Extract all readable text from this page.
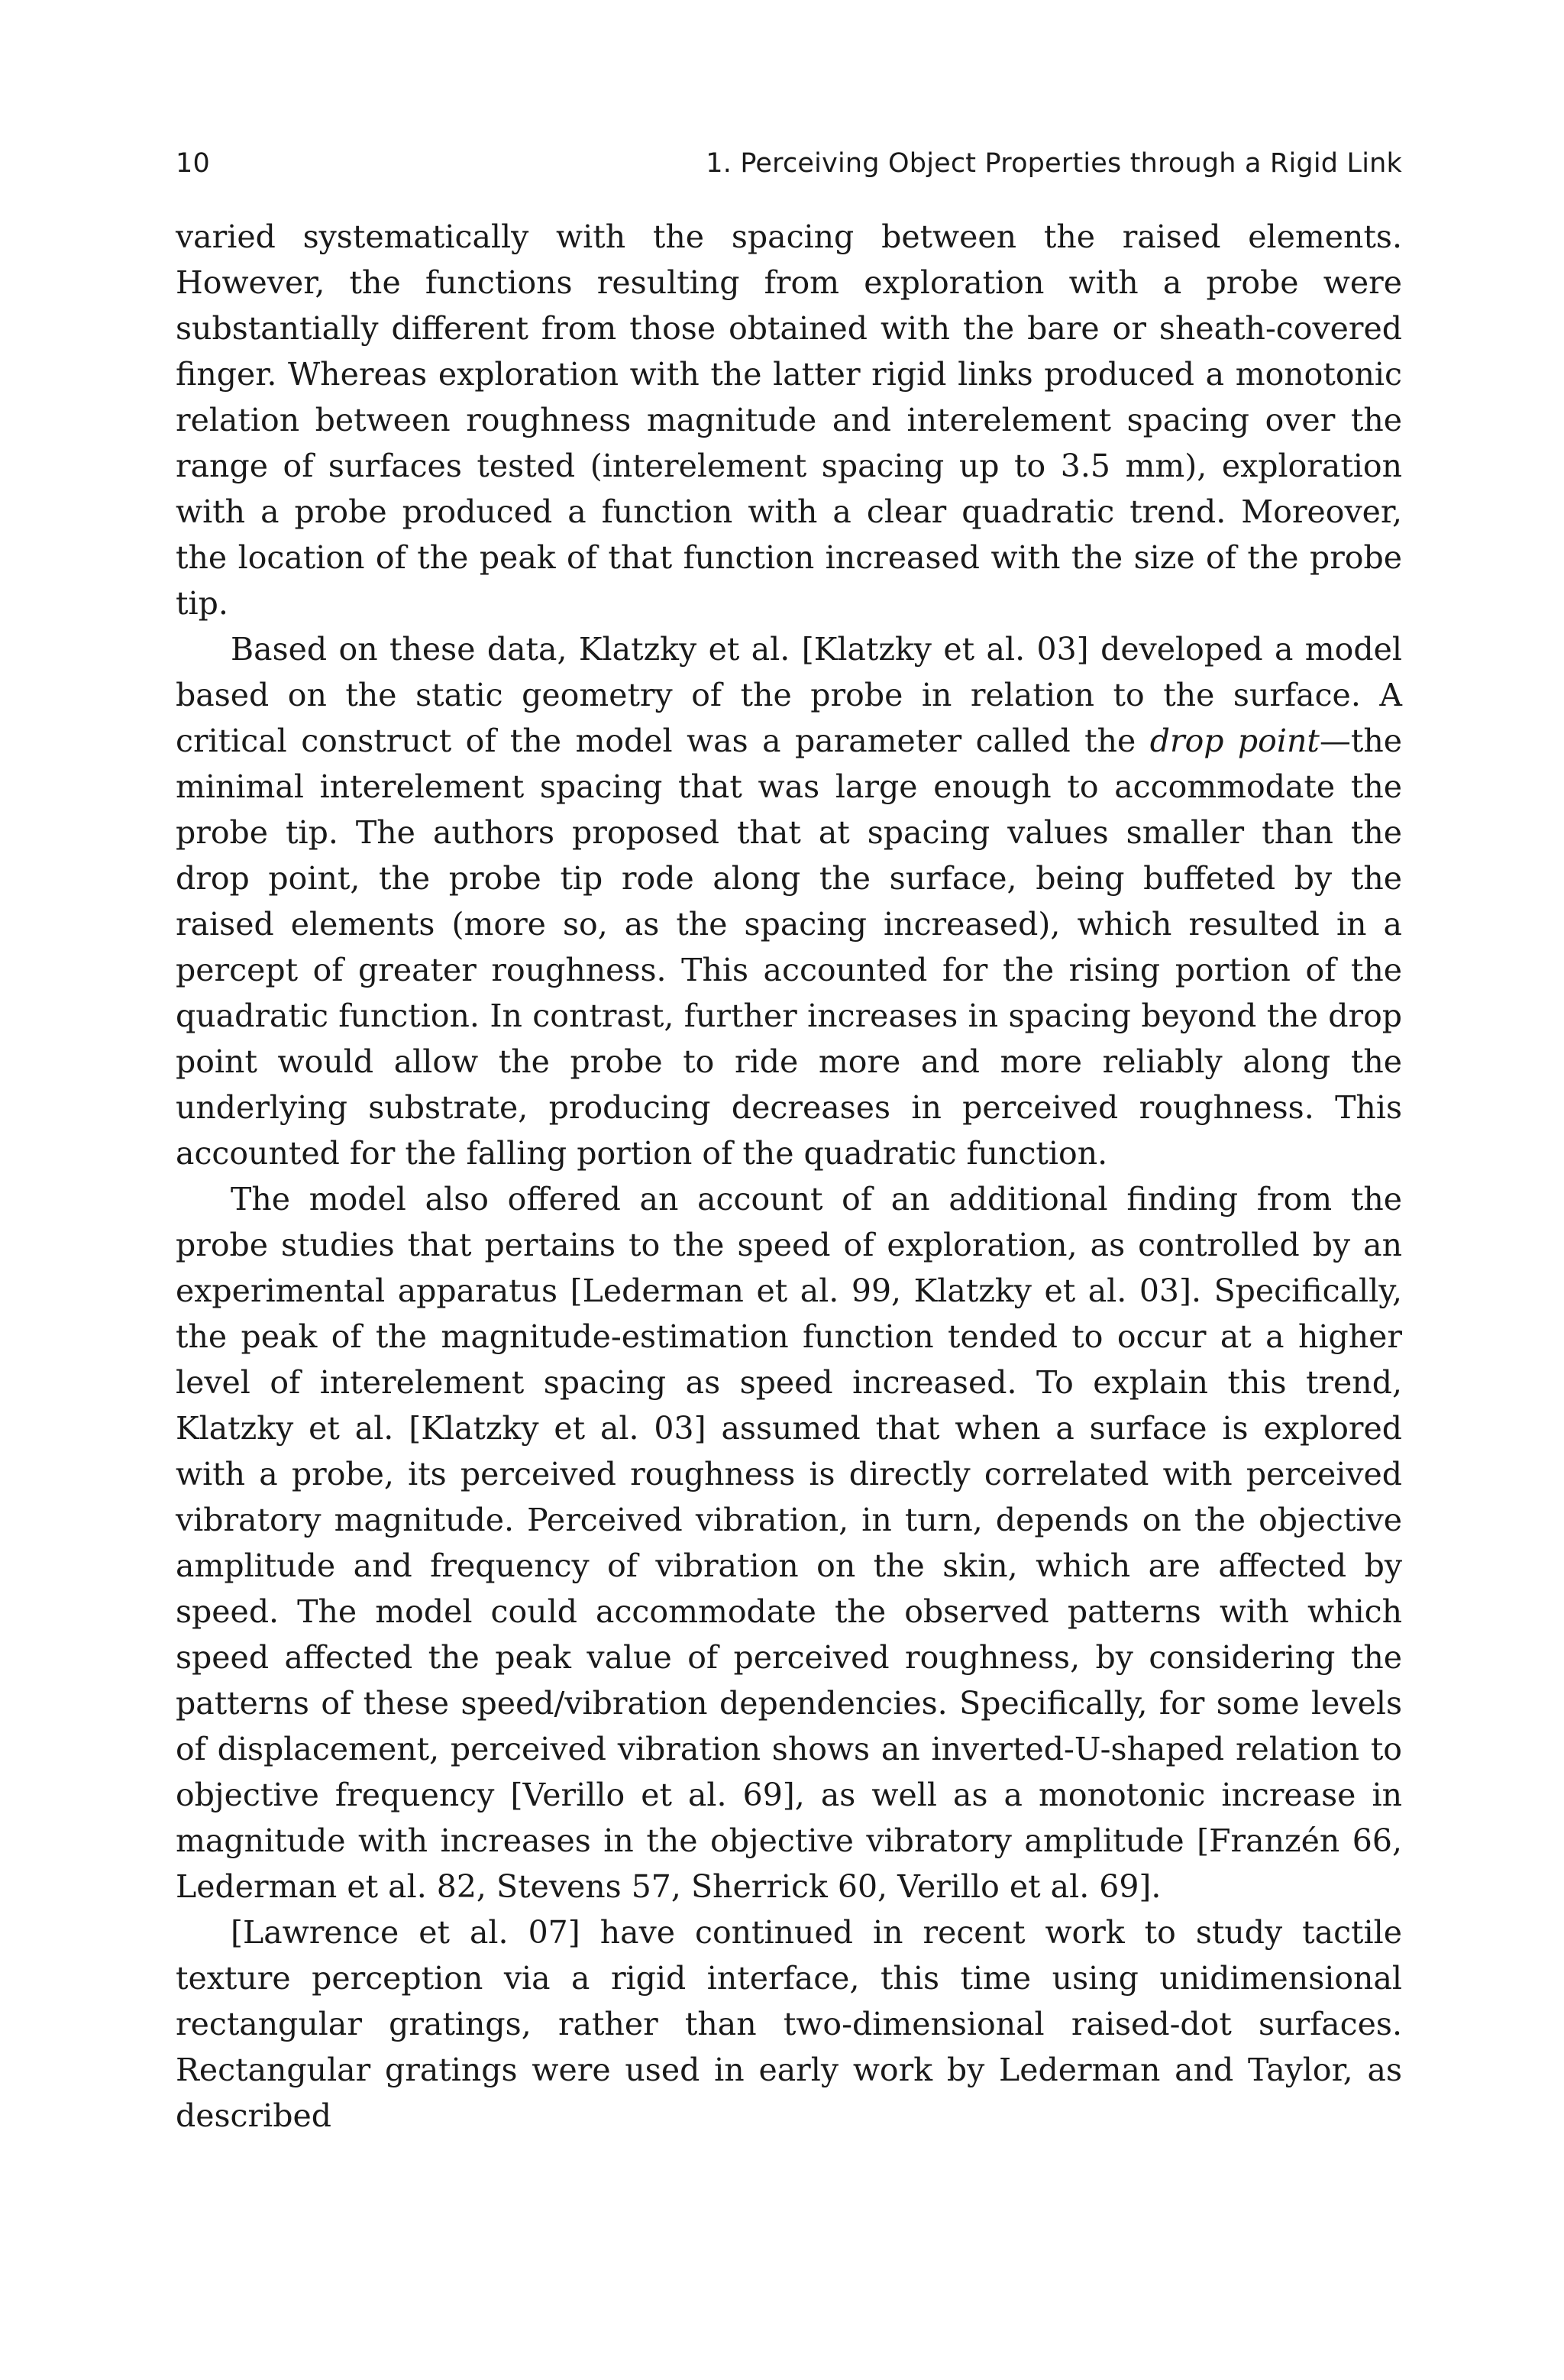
10	1. Perceiving Object Properties through a Rigid Link

varied systematically with the spacing between the raised elements. However, the functions resulting from exploration with a probe were substantially different from those obtained with the bare or sheath-covered finger. Whereas exploration with the latter rigid links produced a monotonic relation between roughness magnitude and interelement spacing over the range of surfaces tested (interelement spacing up to 3.5 mm), exploration with a probe produced a function with a clear quadratic trend. Moreover, the location of the peak of that function increased with the size of the probe tip.

Based on these data, Klatzky et al. [Klatzky et al. 03] developed a model based on the static geometry of the probe in relation to the surface. A critical construct of the model was a parameter called the drop point—the minimal interelement spacing that was large enough to accommodate the probe tip. The authors proposed that at spacing values smaller than the drop point, the probe tip rode along the surface, being buffeted by the raised elements (more so, as the spacing increased), which resulted in a percept of greater roughness. This accounted for the rising portion of the quadratic function. In contrast, further increases in spacing beyond the drop point would allow the probe to ride more and more reliably along the underlying substrate, producing decreases in perceived roughness. This accounted for the falling portion of the quadratic function.

The model also offered an account of an additional finding from the probe studies that pertains to the speed of exploration, as controlled by an experimental apparatus [Lederman et al. 99, Klatzky et al. 03]. Specifically, the peak of the magnitude-estimation function tended to occur at a higher level of interelement spacing as speed increased. To explain this trend, Klatzky et al. [Klatzky et al. 03] assumed that when a surface is explored with a probe, its perceived roughness is directly correlated with perceived vibratory magnitude. Perceived vibration, in turn, depends on the objective amplitude and frequency of vibration on the skin, which are affected by speed. The model could accommodate the observed patterns with which speed affected the peak value of perceived roughness, by considering the patterns of these speed/vibration dependencies. Specifically, for some levels of displacement, perceived vibration shows an inverted-U-shaped relation to objective frequency [Verillo et al. 69], as well as a monotonic increase in magnitude with increases in the objective vibratory amplitude [Franzén 66, Lederman et al. 82, Stevens 57, Sherrick 60, Verillo et al. 69].

[Lawrence et al. 07] have continued in recent work to study tactile texture perception via a rigid interface, this time using unidimensional rectangular gratings, rather than two-dimensional raised-dot surfaces. Rectangular gratings were used in early work by Lederman and Taylor, as described
